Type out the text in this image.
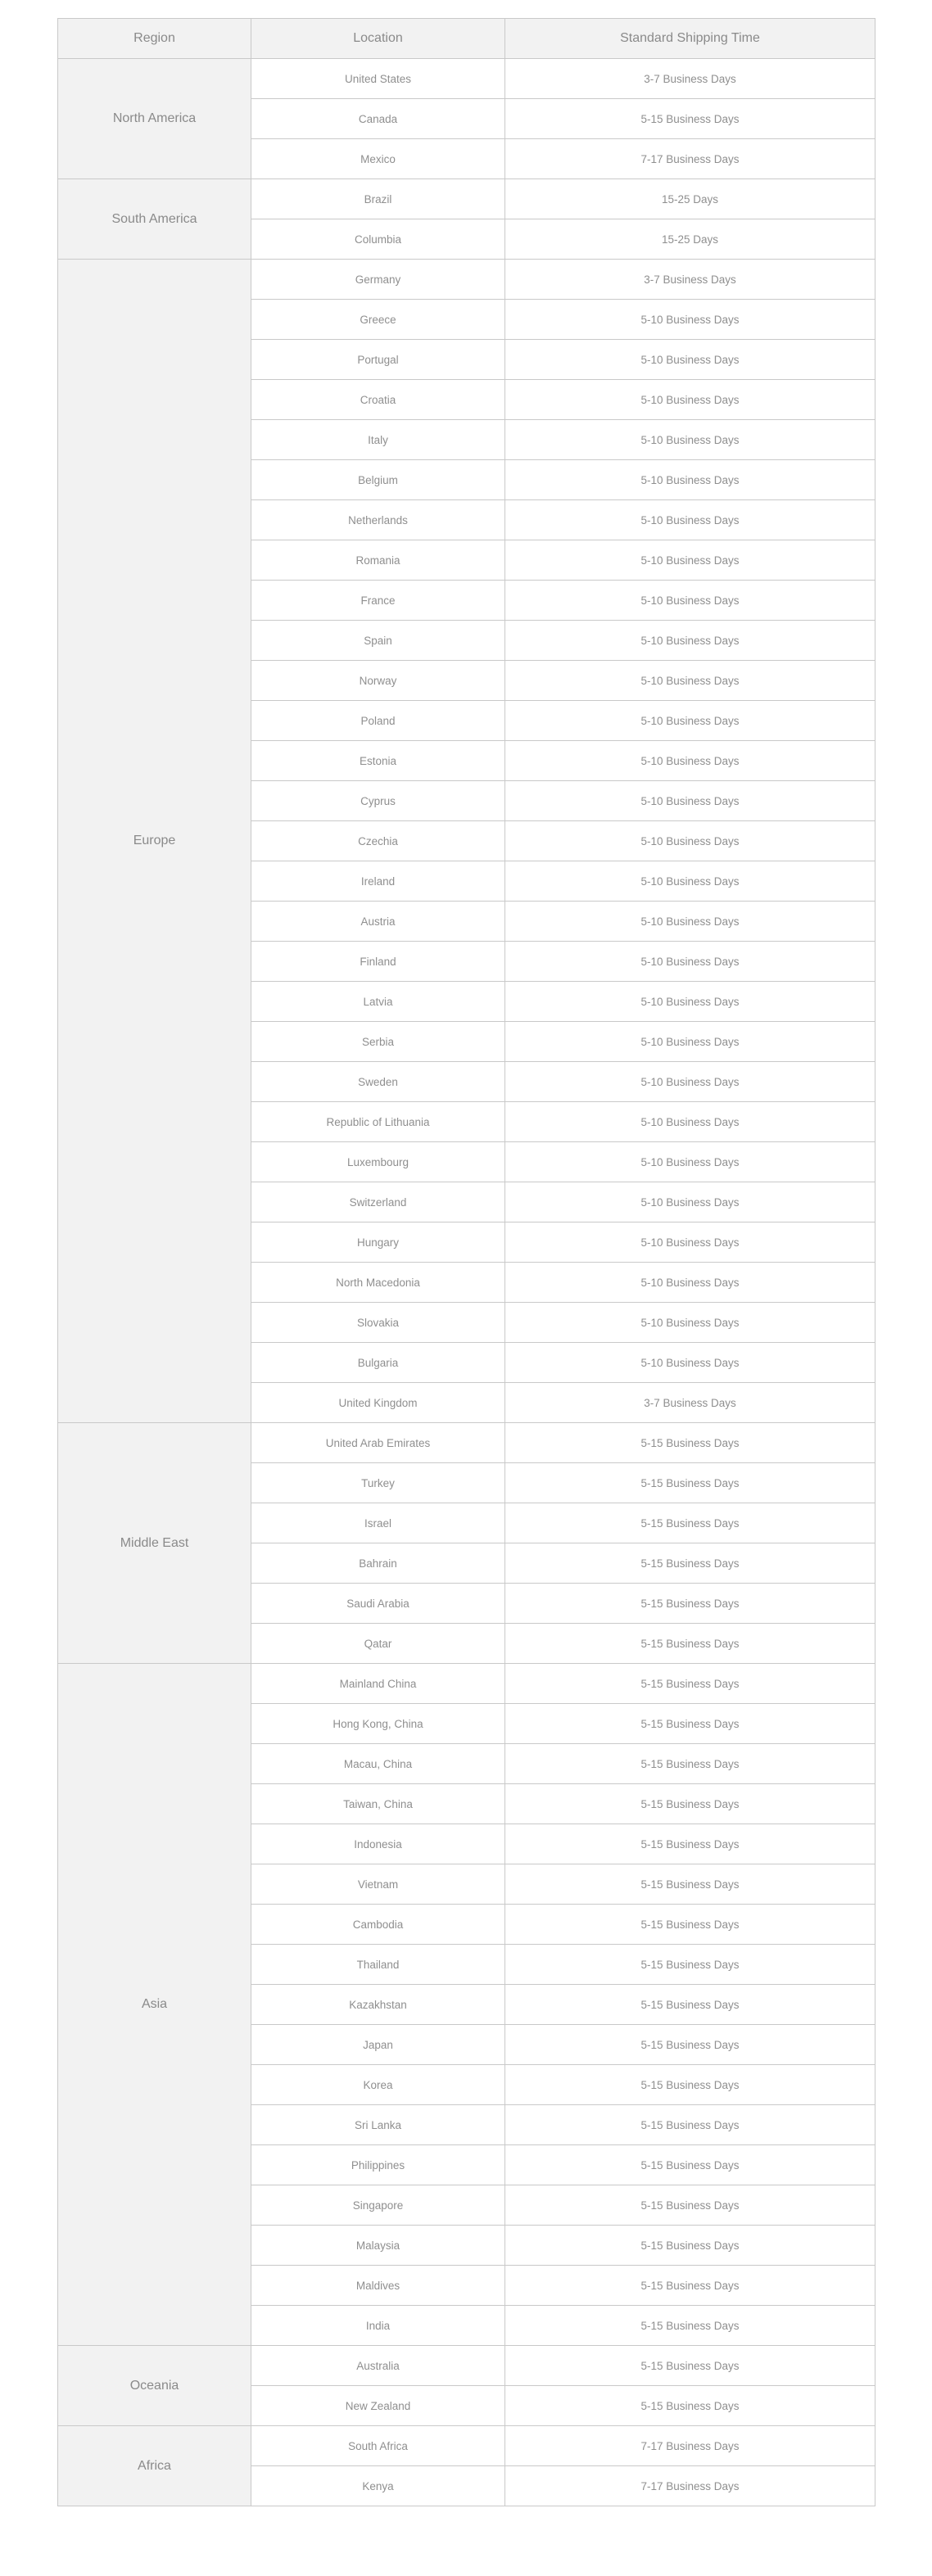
Region	Location	Standard Shipping Time
North America	United States	3-7 Business Days
	Canada	5-15 Business Days
	Mexico	7-17 Business Days
South America	Brazil	15-25 Days
	Columbia	15-25 Days
Europe	Germany	3-7 Business Days
	Greece	5-10 Business Days
	Portugal	5-10 Business Days
	Croatia	5-10 Business Days
	Italy	5-10 Business Days
	Belgium	5-10 Business Days
	Netherlands	5-10 Business Days
	Romania	5-10 Business Days
	France	5-10 Business Days
	Spain	5-10 Business Days
	Norway	5-10 Business Days
	Poland	5-10 Business Days
	Estonia	5-10 Business Days
	Cyprus	5-10 Business Days
	Czechia	5-10 Business Days
	Ireland	5-10 Business Days
	Austria	5-10 Business Days
	Finland	5-10 Business Days
	Latvia	5-10 Business Days
	Serbia	5-10 Business Days
	Sweden	5-10 Business Days
	Republic of Lithuania	5-10 Business Days
	Luxembourg	5-10 Business Days
	Switzerland	5-10 Business Days
	Hungary	5-10 Business Days
	North Macedonia	5-10 Business Days
	Slovakia	5-10 Business Days
	Bulgaria	5-10 Business Days
	United Kingdom	3-7 Business Days
Middle East	United Arab Emirates	5-15 Business Days
	Turkey	5-15 Business Days
	Israel	5-15 Business Days
	Bahrain	5-15 Business Days
	Saudi Arabia	5-15 Business Days
	Qatar	5-15 Business Days
Asia	Mainland China	5-15 Business Days
	Hong Kong, China	5-15 Business Days
	Macau, China	5-15 Business Days
	Taiwan, China	5-15 Business Days
	Indonesia	5-15 Business Days
	Vietnam	5-15 Business Days
	Cambodia	5-15 Business Days
	Thailand	5-15 Business Days
	Kazakhstan	5-15 Business Days
	Japan	5-15 Business Days
	Korea	5-15 Business Days
	Sri Lanka	5-15 Business Days
	Philippines	5-15 Business Days
	Singapore	5-15 Business Days
	Malaysia	5-15 Business Days
	Maldives	5-15 Business Days
	India	5-15 Business Days
Oceania	Australia	5-15 Business Days
	New Zealand	5-15 Business Days
Africa	South Africa	7-17 Business Days
	Kenya	7-17 Business Days
